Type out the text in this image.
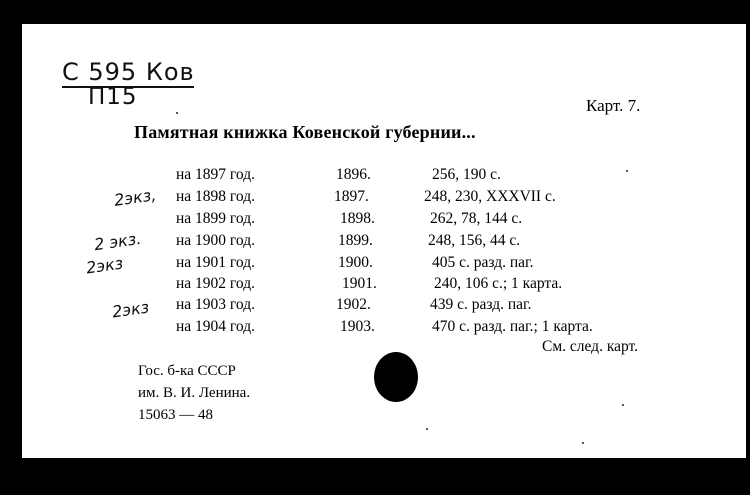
С 595 Ков
П15	Карт. 7.
Памятная книжка Ковенской губернии...
на 1897 год.	1896.	256, 190 с.
на 1898 год.	1897.	248, 230, XXXVII с.
на 1899 год.	1898.	262, 78, 144 с.
на 1900 год.	1899.	248, 156, 44 с.
на 1901 год.	1900.	405 с. разд. паг.
на 1902 год.	1901.	240, 106 с.; 1 карта.
на 1903 год.	1902.	439 с. разд. паг.
на 1904 год.	1903.	470 с. разд. паг.; 1 карта.
См. след. карт.
2экз,
2 экз.
2экз
2экз
Гос. б-ка СССР
им. В. И. Ленина.
15063 — 48
